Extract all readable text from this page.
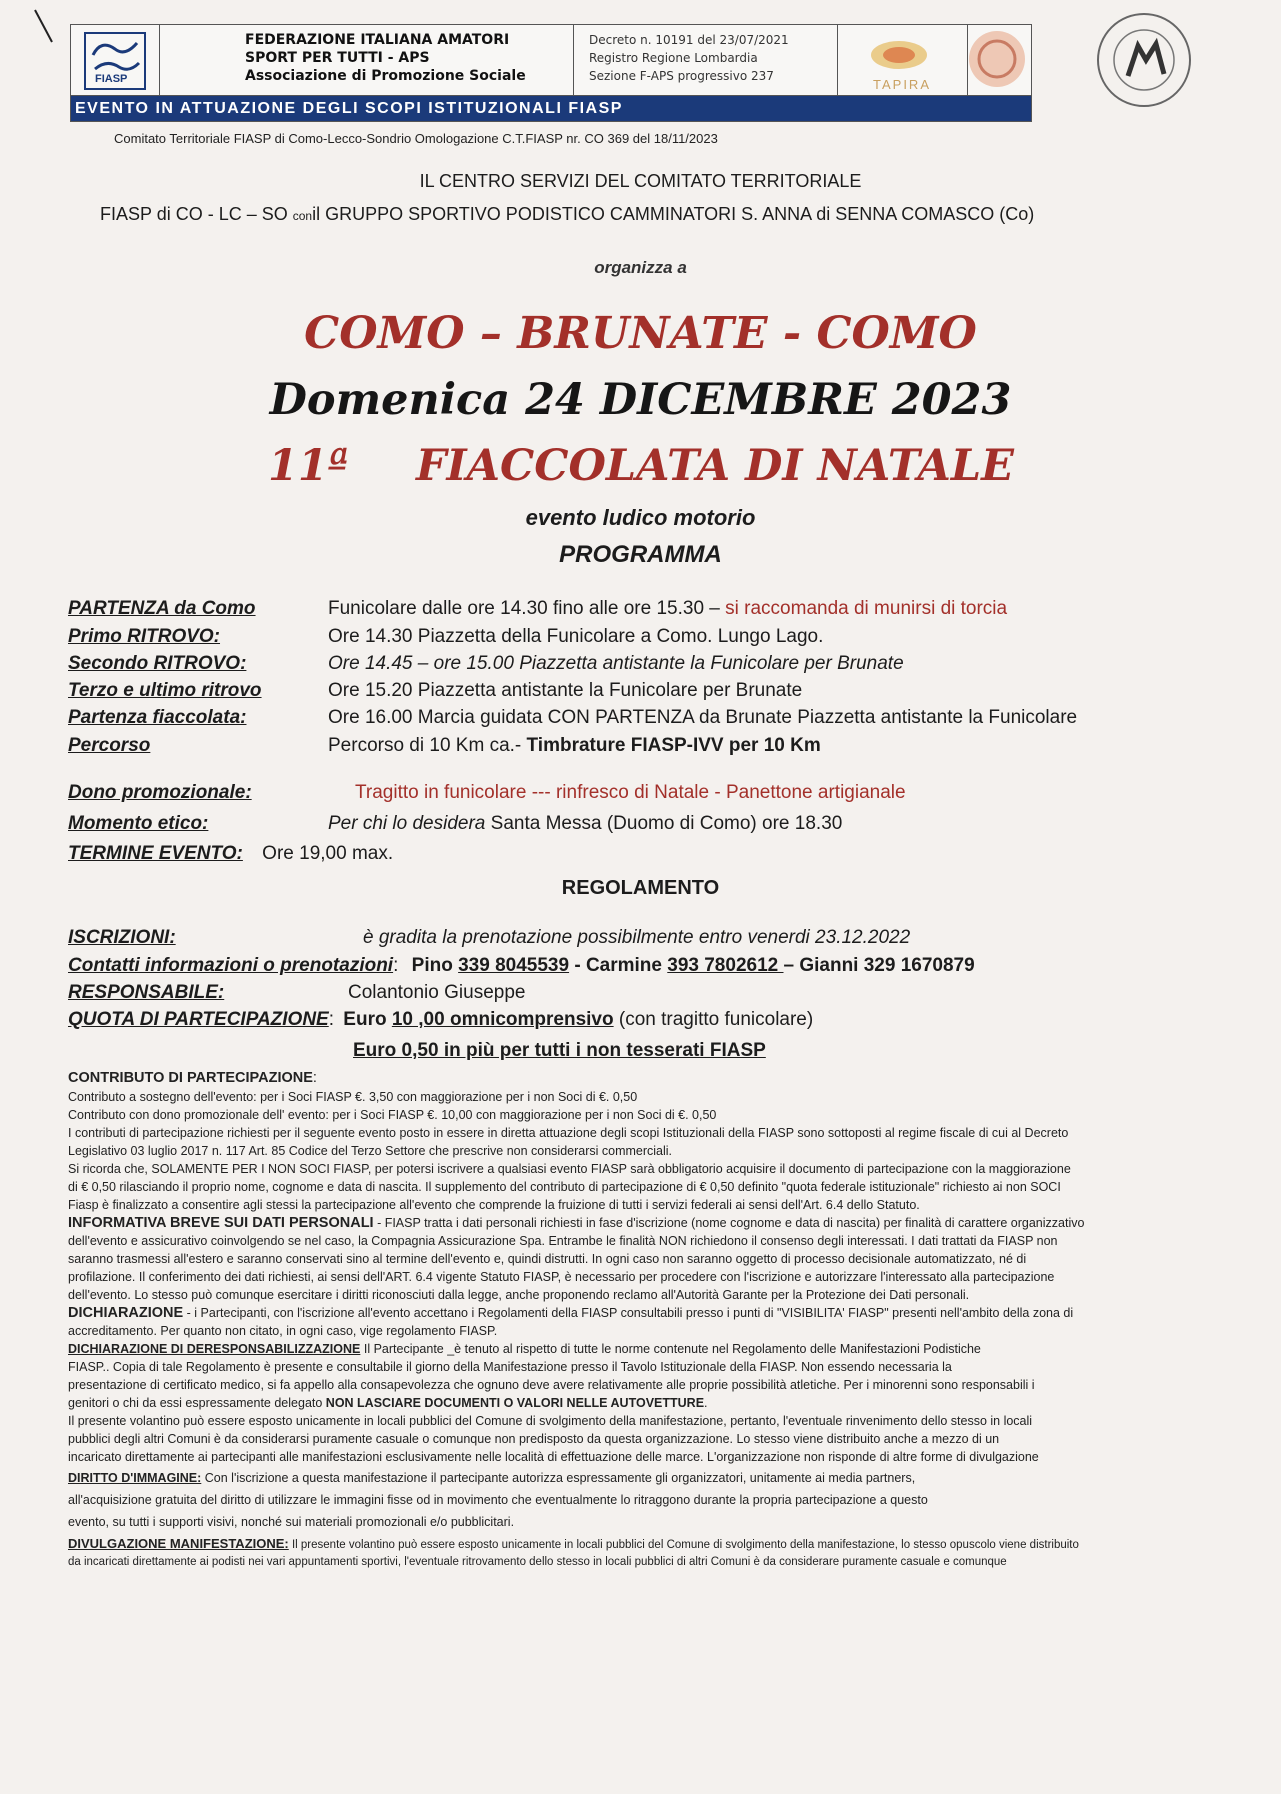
FIASP
FEDERAZIONE ITALIANA AMATORI
SPORT PER TUTTI - APS
Associazione di Promozione Sociale
Decreto n. 10191 del 23/07/2021
Registro Regione Lombardia
Sezione F-APS progressivo 237
TAPIRA
EVENTO IN ATTUAZIONE DEGLI SCOPI ISTITUZIONALI FIASP
Comitato Territoriale FIASP di Como-Lecco-Sondrio Omologazione C.T.FIASP nr. CO 369 del 18/11/2023
IL CENTRO SERVIZI DEL COMITATO TERRITORIALE
FIASP di CO - LC – SO conil GRUPPO SPORTIVO PODISTICO CAMMINATORI S. ANNA di SENNA COMASCO (Co)
organizza a
COMO – BRUNATE - COMO
Domenica 24 DICEMBRE 2023
11ª FIACCOLATA DI NATALE
evento ludico motorio
PROGRAMMA
PARTENZA da Como	Funicolare dalle ore 14.30 fino alle ore 15.30 – si raccomanda di munirsi di torcia
Primo RITROVO:	Ore 14.30 Piazzetta della Funicolare a Como. Lungo Lago.
Secondo RITROVO:	Ore 14.45 – ore 15.00 Piazzetta antistante la Funicolare per Brunate
Terzo e ultimo ritrovo	Ore 15.20 Piazzetta antistante la Funicolare per Brunate
Partenza fiaccolata:	Ore 16.00 Marcia guidata CON PARTENZA da Brunate Piazzetta antistante la Funicolare
Percorso	Percorso di 10 Km ca.- Timbrature FIASP-IVV per 10 Km
Dono promozionale:	Tragitto in funicolare --- rinfresco di Natale - Panettone artigianale
Momento etico:	Per chi lo desidera Santa Messa (Duomo di Como) ore 18.30
TERMINE EVENTO: Ore 19,00 max.
REGOLAMENTO
ISCRIZIONI:	è gradita la prenotazione possibilmente entro venerdi 23.12.2022
Contatti informazioni o prenotazioni: Pino 339 8045539 - Carmine 393 7802612 – Gianni 329 1670879
RESPONSABILE:	Colantonio Giuseppe
QUOTA DI PARTECIPAZIONE: Euro 10 ,00 omnicomprensivo (con tragitto funicolare)
Euro 0,50 in più per tutti i non tesserati FIASP
CONTRIBUTO DI PARTECIPAZIONE:
Contributo a sostegno dell'evento: per i Soci FIASP €. 3,50 con maggiorazione per i non Soci di €. 0,50
Contributo con dono promozionale dell' evento: per i Soci FIASP €. 10,00 con maggiorazione per i non Soci di €. 0,50
I contributi di partecipazione richiesti per il seguente evento posto in essere in diretta attuazione degli scopi Istituzionali della FIASP sono sottoposti al regime fiscale di cui al Decreto
Legislativo 03 luglio 2017 n. 117 Art. 85 Codice del Terzo Settore che prescrive non considerarsi commerciali.
Si ricorda che, SOLAMENTE PER I NON SOCI FIASP, per potersi iscrivere a qualsiasi evento FIASP sarà obbligatorio acquisire il documento di partecipazione con la maggiorazione
di € 0,50 rilasciando il proprio nome, cognome e data di nascita. Il supplemento del contributo di partecipazione di € 0,50 definito "quota federale istituzionale" richiesto ai non SOCI
Fiasp è finalizzato a consentire agli stessi la partecipazione all'evento che comprende la fruizione di tutti i servizi federali ai sensi dell'Art. 6.4 dello Statuto.
INFORMATIVA BREVE SUI DATI PERSONALI - FIASP tratta i dati personali richiesti in fase d'iscrizione (nome cognome e data di nascita) per finalità di carattere organizzativo
dell'evento e assicurativo coinvolgendo se nel caso, la Compagnia Assicurazione Spa. Entrambe le finalità NON richiedono il consenso degli interessati. I dati trattati da FIASP non
saranno trasmessi all'estero e saranno conservati sino al termine dell'evento e, quindi distrutti. In ogni caso non saranno oggetto di processo decisionale automatizzato, né di
profilazione. Il conferimento dei dati richiesti, ai sensi dell'ART. 6.4 vigente Statuto FIASP, è necessario per procedere con l'iscrizione e autorizzare l'interessato alla partecipazione
dell'evento. Lo stesso può comunque esercitare i diritti riconosciuti dalla legge, anche proponendo reclamo all'Autorità Garante per la Protezione dei Dati personali.
DICHIARAZIONE - i Partecipanti, con l'iscrizione all'evento accettano i Regolamenti della FIASP consultabili presso i punti di "VISIBILITA' FIASP" presenti nell'ambito della zona di
accreditamento. Per quanto non citato, in ogni caso, vige regolamento FIASP.
DICHIARAZIONE DI DERESPONSABILIZZAZIONE Il Partecipante _è tenuto al rispetto di tutte le norme contenute nel Regolamento delle Manifestazioni Podistiche
FIASP.. Copia di tale Regolamento è presente e consultabile il giorno della Manifestazione presso il Tavolo Istituzionale della FIASP. Non essendo necessaria la
presentazione di certificato medico, si fa appello alla consapevolezza che ognuno deve avere relativamente alle proprie possibilità atletiche. Per i minorenni sono responsabili i
genitori o chi da essi espressamente delegato NON LASCIARE DOCUMENTI O VALORI NELLE AUTOVETTURE.
Il presente volantino può essere esposto unicamente in locali pubblici del Comune di svolgimento della manifestazione, pertanto, l'eventuale rinvenimento dello stesso in locali
pubblici degli altri Comuni è da considerarsi puramente casuale o comunque non predisposto da questa organizzazione. Lo stesso viene distribuito anche a mezzo di un
incaricato direttamente ai partecipanti alle manifestazioni esclusivamente nelle località di effettuazione delle marce. L'organizzazione non risponde di altre forme di divulgazione
DIRITTO D'IMMAGINE: Con l'iscrizione a questa manifestazione il partecipante autorizza espressamente gli organizzatori, unitamente ai media partners,
all'acquisizione gratuita del diritto di utilizzare le immagini fisse od in movimento che eventualmente lo ritraggono durante la propria partecipazione a questo
evento, su tutti i supporti visivi, nonché sui materiali promozionali e/o pubblicitari.
DIVULGAZIONE MANIFESTAZIONE: Il presente volantino può essere esposto unicamente in locali pubblici del Comune di svolgimento della manifestazione, lo stesso opuscolo viene distribuito
da incaricati direttamente ai podisti nei vari appuntamenti sportivi, l'eventuale ritrovamento dello stesso in locali pubblici di altri Comuni è da considerare puramente casuale e comunque
